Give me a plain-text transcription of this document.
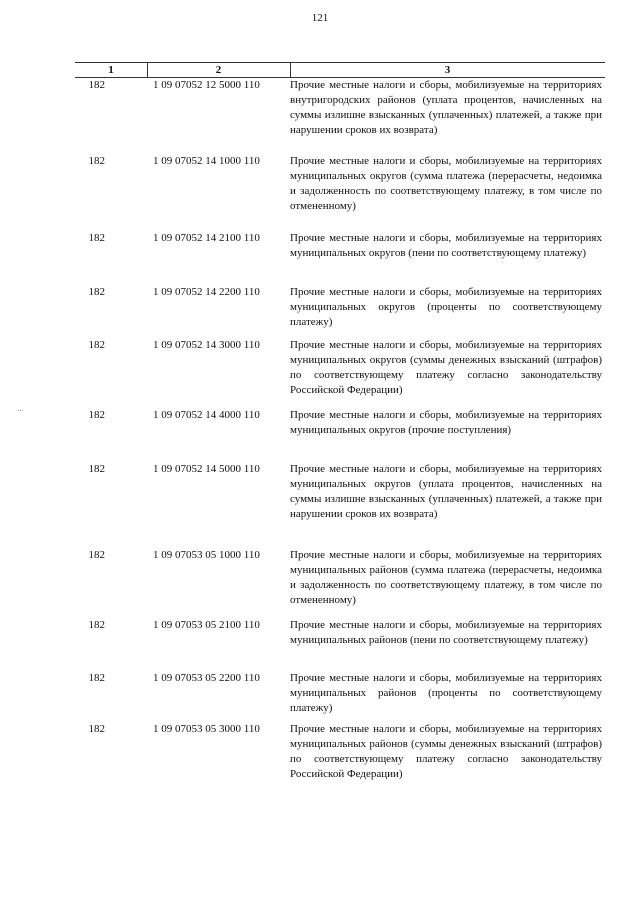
121
1	2	3
182	1 09 07052 12 5000 110	Прочие местные налоги и сборы, мобилизуемые на территориях внутригородских районов (уплата процентов, начисленных на суммы излишне взысканных (уплаченных) платежей, а также при нарушении сроков их возврата)
182	1 09 07052 14 1000 110	Прочие местные налоги и сборы, мобилизуемые на территориях муниципальных округов (сумма платежа (перерасчеты, недоимка и задолженность по соответствующему платежу, в том числе по отмененному)
182	1 09 07052 14 2100 110	Прочие местные налоги и сборы, мобилизуемые на территориях муниципальных округов (пени по соответствующему платежу)
182	1 09 07052 14 2200 110	Прочие местные налоги и сборы, мобилизуемые на территориях муниципальных округов (проценты по соответствующему платежу)
182	1 09 07052 14 3000 110	Прочие местные налоги и сборы, мобилизуемые на территориях муниципальных округов (суммы денежных взысканий (штрафов) по соответствующему платежу согласно законодательству Российской Федерации)
182	1 09 07052 14 4000 110	Прочие местные налоги и сборы, мобилизуемые на территориях муниципальных округов (прочие поступления)
182	1 09 07052 14 5000 110	Прочие местные налоги и сборы, мобилизуемые на территориях муниципальных округов (уплата процентов, начисленных на суммы излишне взысканных (уплаченных) платежей, а также при нарушении сроков их возврата)
182	1 09 07053 05 1000 110	Прочие местные налоги и сборы, мобилизуемые на территориях муниципальных районов (сумма платежа (перерасчеты, недоимка и задолженность по соответствующему платежу, в том числе по отмененному)
182	1 09 07053 05 2100 110	Прочие местные налоги и сборы, мобилизуемые на территориях муниципальных районов (пени по соответствующему платежу)
182	1 09 07053 05 2200 110	Прочие местные налоги и сборы, мобилизуемые на территориях муниципальных районов (проценты по соответствующему платежу)
182	1 09 07053 05 3000 110	Прочие местные налоги и сборы, мобилизуемые на территориях муниципальных районов (суммы денежных взысканий (штрафов) по соответствующему платежу согласно законодательству Российской Федерации)
